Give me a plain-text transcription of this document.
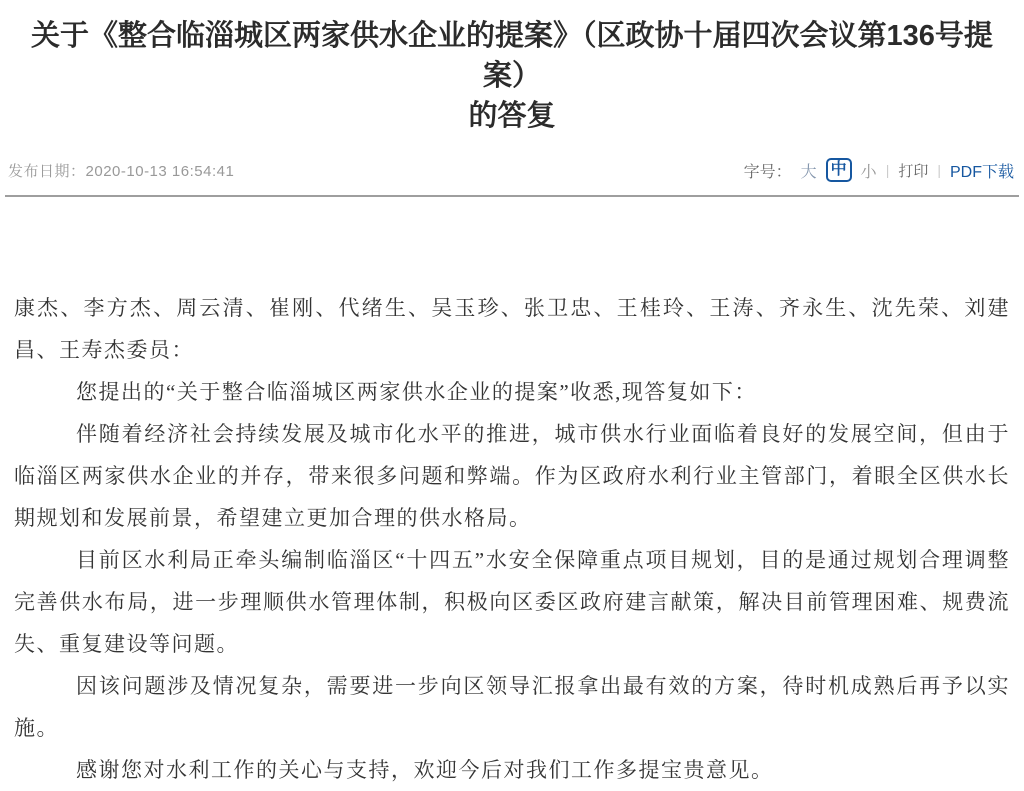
关于《整合临淄城区两家供水企业的提案》（区政协十届四次会议第136号提案）
的答复
发布日期：2020-10-13 16:54:41	字号： 大 中 小 | 打印 | PDF下载

康杰、李方杰、周云清、崔刚、代绪生、吴玉珍、张卫忠、王桂玲、王涛、齐永生、沈先荣、刘建昌、王寿杰委员：

您提出的“关于整合临淄城区两家供水企业的提案”收悉,现答复如下：

伴随着经济社会持续发展及城市化水平的推进，城市供水行业面临着良好的发展空间，但由于临淄区两家供水企业的并存，带来很多问题和弊端。作为区政府水利行业主管部门，着眼全区供水长期规划和发展前景，希望建立更加合理的供水格局。

目前区水利局正牵头编制临淄区“十四五”水安全保障重点项目规划，目的是通过规划合理调整完善供水布局，进一步理顺供水管理体制，积极向区委区政府建言献策，解决目前管理困难、规费流失、重复建设等问题。

因该问题涉及情况复杂，需要进一步向区领导汇报拿出最有效的方案，待时机成熟后再予以实施。

感谢您对水利工作的关心与支持，欢迎今后对我们工作多提宝贵意见。
